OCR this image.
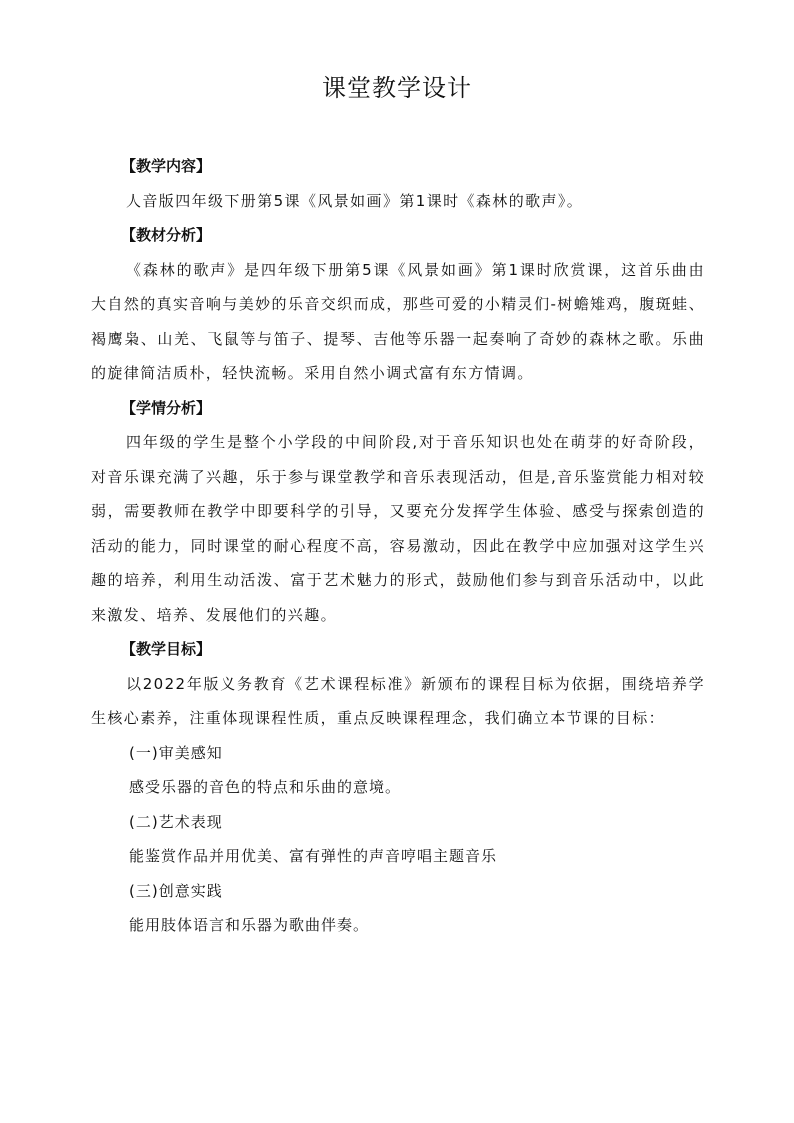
课堂教学设计

【教学内容】

人音版四年级下册第5课《风景如画》第1课时《森林的歌声》。

【教材分析】

《森林的歌声》是四年级下册第5课《风景如画》第1课时欣赏课，这首乐曲由大自然的真实音响与美妙的乐音交织而成，那些可爱的小精灵们-树蟾雉鸡，腹斑蛙、褐鹰枭、山羌、飞鼠等与笛子、提琴、吉他等乐器一起奏响了奇妙的森林之歌。乐曲的旋律简洁质朴，轻快流畅。采用自然小调式富有东方情调。

【学情分析】

四年级的学生是整个小学段的中间阶段,对于音乐知识也处在萌芽的好奇阶段，对音乐课充满了兴趣，乐于参与课堂教学和音乐表现活动，但是,音乐鉴赏能力相对较弱，需要教师在教学中即要科学的引导，又要充分发挥学生体验、感受与探索创造的活动的能力，同时课堂的耐心程度不高，容易激动，因此在教学中应加强对这学生兴趣的培养，利用生动活泼、富于艺术魅力的形式，鼓励他们参与到音乐活动中，以此来激发、培养、发展他们的兴趣。

【教学目标】

以2022年版义务教育《艺术课程标准》新颁布的课程目标为依据，围绕培养学生核心素养，注重体现课程性质，重点反映课程理念，我们确立本节课的目标：

(一)审美感知

感受乐器的音色的特点和乐曲的意境。

(二)艺术表现

能鉴赏作品并用优美、富有弹性的声音哼唱主题音乐

(三)创意实践

能用肢体语言和乐器为歌曲伴奏。
